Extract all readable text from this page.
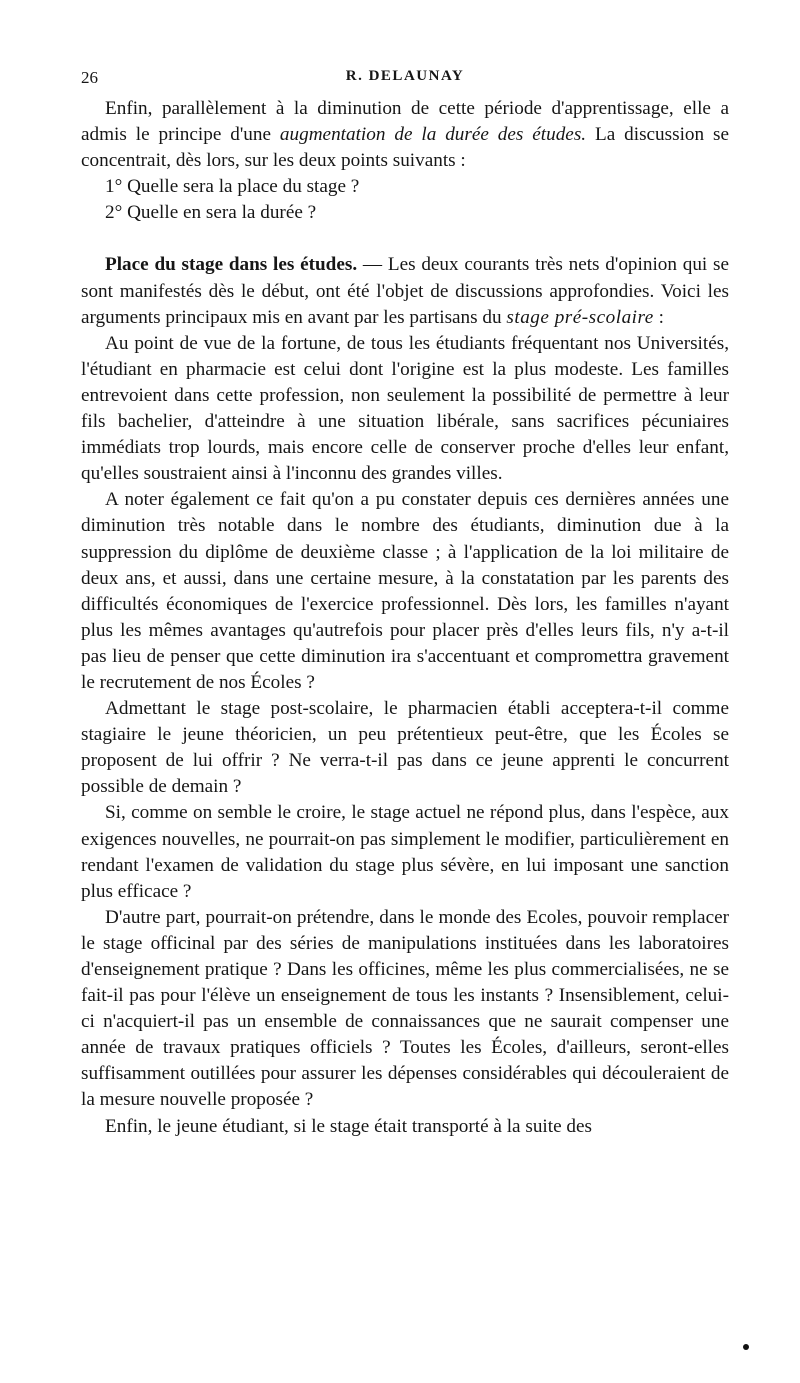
26	R. DELAUNAY

Enfin, parallèlement à la diminution de cette période d'apprentissage, elle a admis le principe d'une augmentation de la durée des études. La discussion se concentrait, dès lors, sur les deux points suivants :

1° Quelle sera la place du stage ?

2° Quelle en sera la durée ?

Place du stage dans les études. — Les deux courants très nets d'opinion qui se sont manifestés dès le début, ont été l'objet de discussions approfondies. Voici les arguments principaux mis en avant par les partisans du stage pré-scolaire :

Au point de vue de la fortune, de tous les étudiants fréquentant nos Universités, l'étudiant en pharmacie est celui dont l'origine est la plus modeste. Les familles entrevoient dans cette profession, non seulement la possibilité de permettre à leur fils bachelier, d'atteindre à une situation libérale, sans sacrifices pécuniaires immédiats trop lourds, mais encore celle de conserver proche d'elles leur enfant, qu'elles soustraient ainsi à l'inconnu des grandes villes.

A noter également ce fait qu'on a pu constater depuis ces dernières années une diminution très notable dans le nombre des étudiants, diminution due à la suppression du diplôme de deuxième classe ; à l'application de la loi militaire de deux ans, et aussi, dans une certaine mesure, à la constatation par les parents des difficultés économiques de l'exercice professionnel. Dès lors, les familles n'ayant plus les mêmes avantages qu'autrefois pour placer près d'elles leurs fils, n'y a-t-il pas lieu de penser que cette diminution ira s'accentuant et compromettra gravement le recrutement de nos Écoles ?

Admettant le stage post-scolaire, le pharmacien établi acceptera-t-il comme stagiaire le jeune théoricien, un peu prétentieux peut-être, que les Écoles se proposent de lui offrir ? Ne verra-t-il pas dans ce jeune apprenti le concurrent possible de demain ?

Si, comme on semble le croire, le stage actuel ne répond plus, dans l'espèce, aux exigences nouvelles, ne pourrait-on pas simplement le modifier, particulièrement en rendant l'examen de validation du stage plus sévère, en lui imposant une sanction plus efficace ?

D'autre part, pourrait-on prétendre, dans le monde des Ecoles, pouvoir remplacer le stage officinal par des séries de manipulations instituées dans les laboratoires d'enseignement pratique ? Dans les officines, même les plus commercialisées, ne se fait-il pas pour l'élève un enseignement de tous les instants ? Insensiblement, celui-ci n'acquiert-il pas un ensemble de connaissances que ne saurait compenser une année de travaux pratiques officiels ? Toutes les Écoles, d'ailleurs, seront-elles suffisamment outillées pour assurer les dépenses considérables qui découleraient de la mesure nouvelle proposée ?

Enfin, le jeune étudiant, si le stage était transporté à la suite des
